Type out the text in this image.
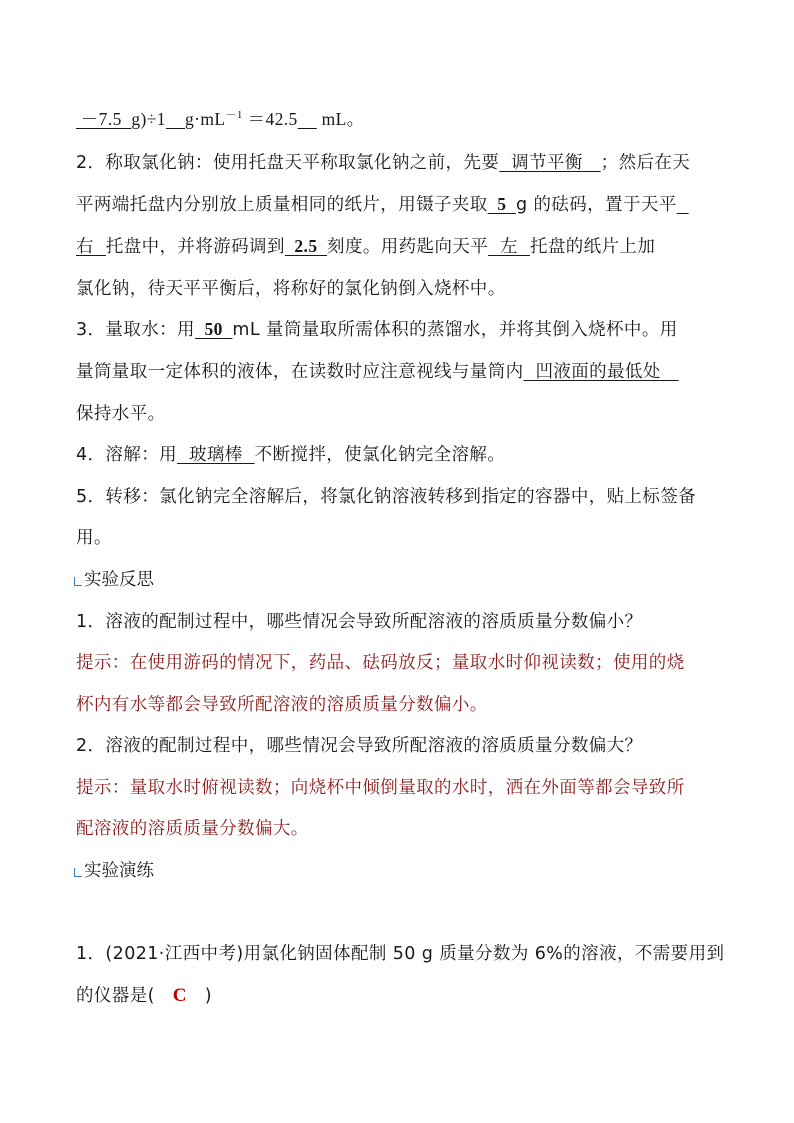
－7.5 g)÷1 $g\cdot mL^{-1} =42.5$ mL。
2．称取氯化钠：使用托盘天平称取氯化钠之前，先要 调节平衡 ；然后在天
平两端托盘内分别放上质量相同的纸片，用镊子夹取 5 g 的砝码，置于天平
右 托盘中，并将游码调到 2.5 刻度。用药匙向天平 左 托盘的纸片上加
氯化钠，待天平平衡后，将称好的氯化钠倒入烧杯中。
3．量取水：用 50 mL 量筒量取所需体积的蒸馏水，并将其倒入烧杯中。用
量筒量取一定体积的液体，在读数时应注意视线与量筒内 凹液面的最低处
保持水平。
4．溶解：用 玻璃棒 不断搅拌，使氯化钠完全溶解。
5．转移：氯化钠完全溶解后，将氯化钠溶液转移到指定的容器中，贴上标签备
用。
实验反思
1．溶液的配制过程中，哪些情况会导致所配溶液的溶质质量分数偏小？
提示：在使用游码的情况下，药品、砝码放反；量取水时仰视读数；使用的烧
杯内有水等都会导致所配溶液的溶质质量分数偏小。
2．溶液的配制过程中，哪些情况会导致所配溶液的溶质质量分数偏大？
提示：量取水时俯视读数；向烧杯中倾倒量取的水时，洒在外面等都会导致所
配溶液的溶质质量分数偏大。
实验演练
1．(2021·江西中考)用氯化钠固体配制 50 g 质量分数为 6%的溶液，不需要用到
的仪器是( C )
